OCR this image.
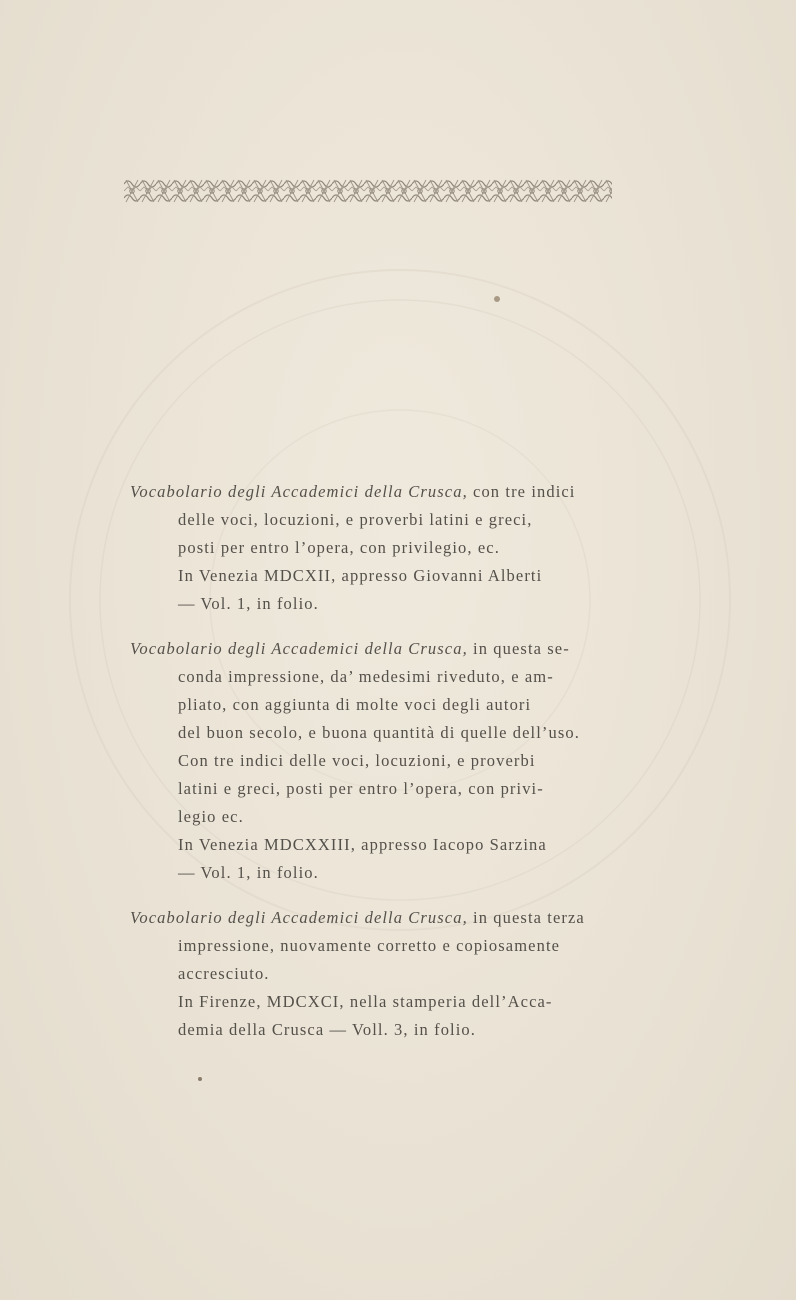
Vocabolario degli Accademici della Crusca, con tre indici
delle voci, locuzioni, e proverbi latini e greci,
posti per entro l’opera, con privilegio, ec.
In Venezia MDCXII, appresso Giovanni Alberti
— Vol. 1, in folio.
Vocabolario degli Accademici della Crusca, in questa se-
conda impressione, da’ medesimi riveduto, e am-
pliato, con aggiunta di molte voci degli autori
del buon secolo, e buona quantità di quelle dell’uso.
Con tre indici delle voci, locuzioni, e proverbi
latini e greci, posti per entro l’opera, con privi-
legio ec.
In Venezia MDCXXIII, appresso Iacopo Sarzina
— Vol. 1, in folio.
Vocabolario degli Accademici della Crusca, in questa terza
impressione, nuovamente corretto e copiosamente
accresciuto.
In Firenze, MDCXCI, nella stamperia dell’Acca-
demia della Crusca — Voll. 3, in folio.
